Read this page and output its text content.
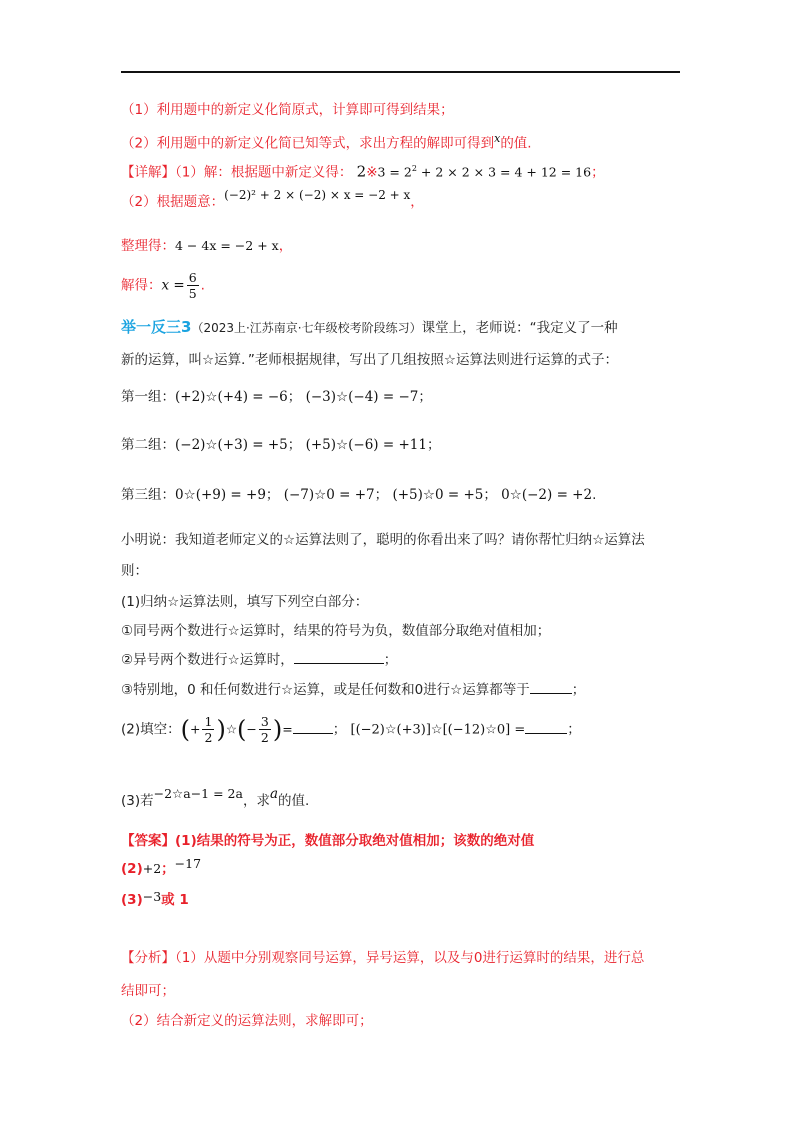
（1）利用题中的新定义化简原式，计算即可得到结果；
（2）利用题中的新定义化简已知等式，求出方程的解即可得到$^x$的值.
【详解】（1）解：根据题中新定义得： 2※3 = $2^2 + 2 \times 2 \times 3 = 4 + 12 = 16$；
（2）根据题意：(−2)² + 2 × (−2) × x = −2 + x，
整理得：4 − 4x = −2 + x，
解得：$x = \frac{6}{5}$ .
举一反三3（2023上·江苏南京·七年级校考阶段练习）课堂上，老师说：“我定义了一种
新的运算，叫☆运算．”老师根据规律，写出了几组按照☆运算法则进行运算的式子：
第一组：(+2)☆(+4) = −6； (−3)☆(−4) = −7；
第二组：(−2)☆(+3) = +5； (+5)☆(−6) = +11；
第三组：0☆(+9) = +9； (−7)☆0 = +7； (+5)☆0 = +5； 0☆(−2) = +2.
小明说：我知道老师定义的☆运算法则了，聪明的你看出来了吗？请你帮忙归纳☆运算法
则：
(1)归纳☆运算法则，填写下列空白部分：
①同号两个数进行☆运算时，结果的符号为负，数值部分取绝对值相加；
②异号两个数进行☆运算时，	；
③特别地，0 和任何数进行☆运算，或是任何数和0进行☆运算都等于	；
(2)填空：(+ $\frac{1}{2}$ )☆(− $\frac{3}{2}$ )=	； [(−2)☆(+3)]☆[(−12)☆0] =	；
(3)若−2☆a−1 = 2a，求a的值.
【答案】(1)结果的符号为正，数值部分取绝对值相加；该数的绝对值
(2)+2；−17
(3)−3或 1
【分析】（1）从题中分别观察同号运算，异号运算，以及与0进行运算时的结果，进行总
结即可；
（2）结合新定义的运算法则，求解即可；
